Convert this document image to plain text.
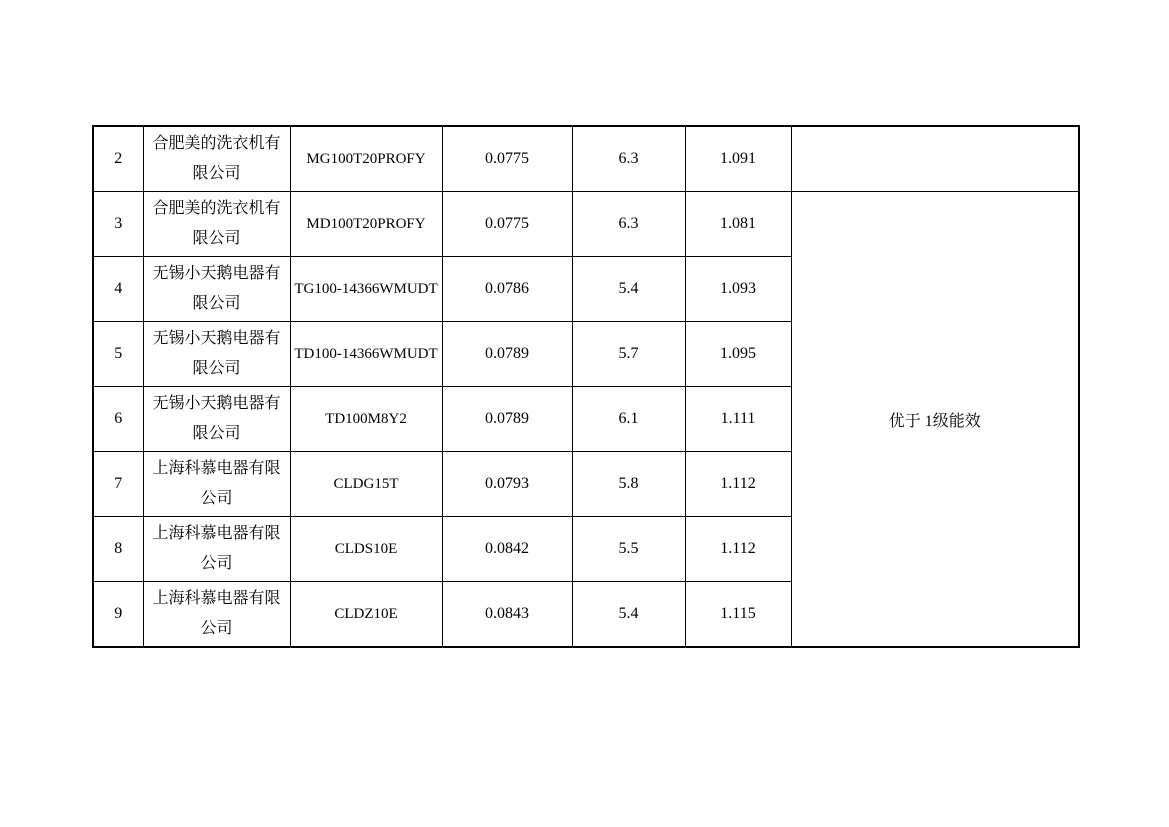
2	合肥美的洗衣机有限公司	MG100T20PROFY	0.0775	6.3	1.091	
3	合肥美的洗衣机有限公司	MD100T20PROFY	0.0775	6.3	1.081	优于 1级能效
4	无锡小天鹅电器有限公司	TG100-14366WMUDT	0.0786	5.4	1.093	
5	无锡小天鹅电器有限公司	TD100-14366WMUDT	0.0789	5.7	1.095	
6	无锡小天鹅电器有限公司	TD100M8Y2	0.0789	6.1	1.111	
7	上海科慕电器有限公司	CLDG15T	0.0793	5.8	1.112	
8	上海科慕电器有限公司	CLDS10E	0.0842	5.5	1.112	
9	上海科慕电器有限公司	CLDZ10E	0.0843	5.4	1.115	
